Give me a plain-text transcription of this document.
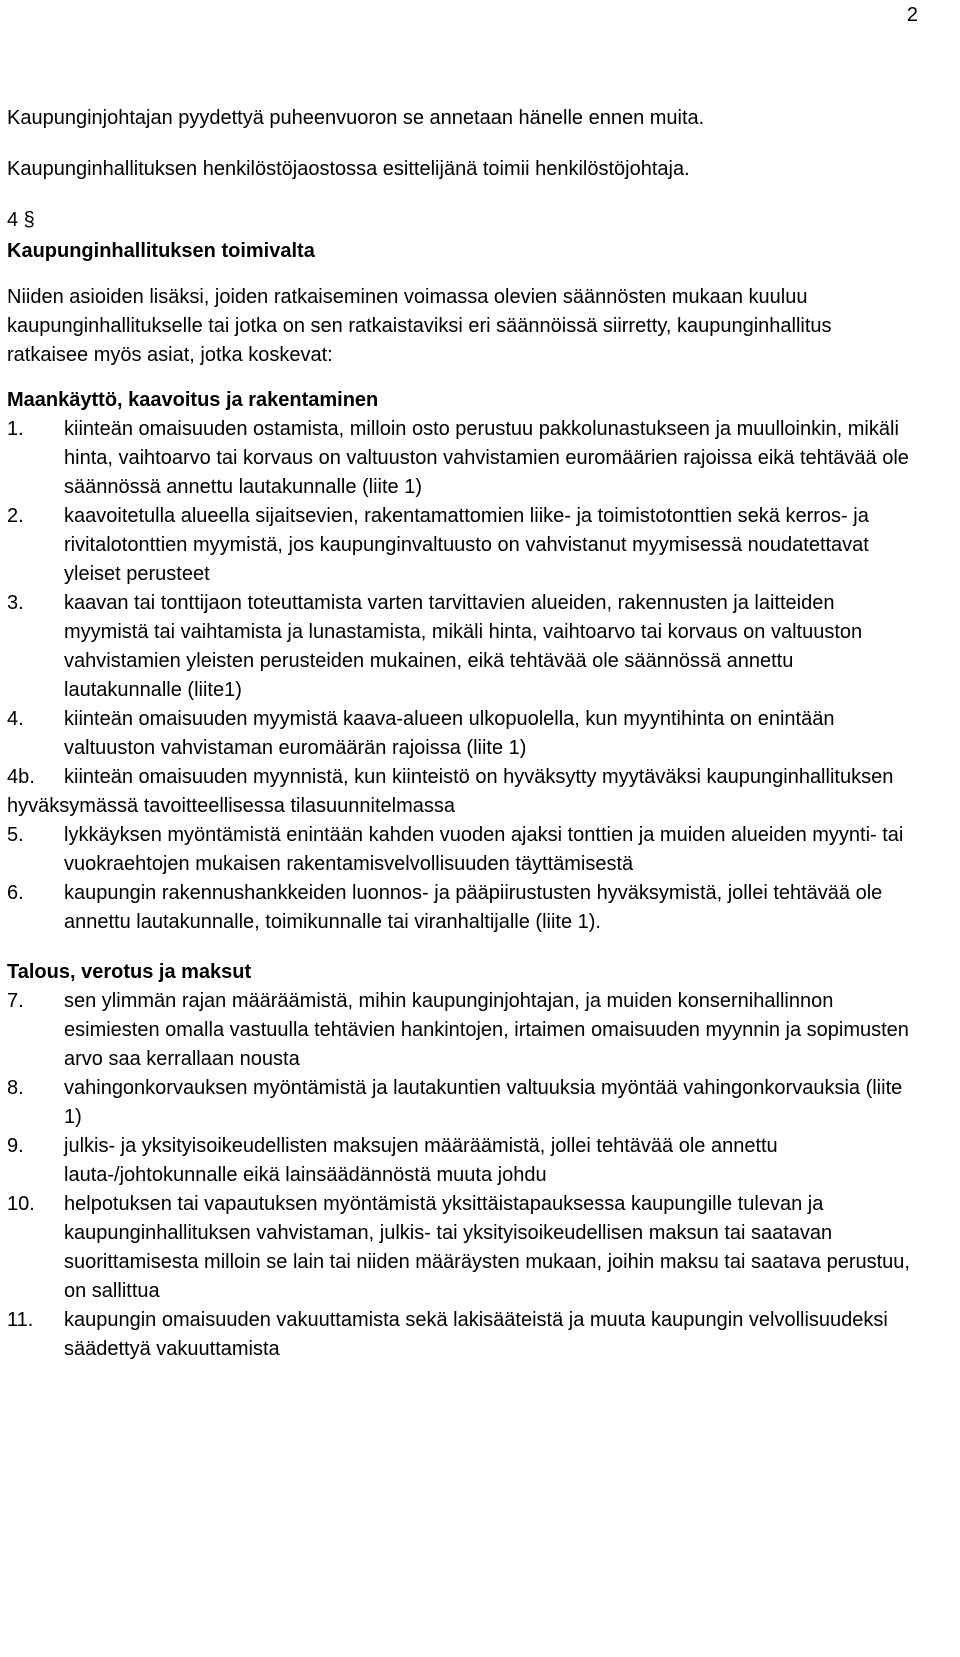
2

Kaupunginjohtajan pyydettyä puheenvuoron se annetaan hänelle ennen muita.

Kaupunginhallituksen henkilöstöjaostossa esittelijänä toimii henkilöstöjohtaja.

4 §

Kaupunginhallituksen toimivalta

Niiden asioiden lisäksi, joiden ratkaiseminen voimassa olevien säännösten mukaan kuuluu kaupunginhallitukselle tai jotka on sen ratkaistaviksi eri säännöissä siirretty, kaupunginhallitus ratkaisee myös asiat, jotka koskevat:

Maankäyttö, kaavoitus ja rakentaminen

1.	kiinteän omaisuuden ostamista, milloin osto perustuu pakkolunastukseen ja muulloinkin, mikäli hinta, vaihtoarvo tai korvaus on valtuuston vahvistamien euromäärien rajoissa eikä tehtävää ole säännössä annettu lautakunnalle (liite 1)
2.	kaavoitetulla alueella sijaitsevien, rakentamattomien liike- ja toimistotonttien sekä kerros- ja rivitalotonttien myymistä, jos kaupunginvaltuusto on vahvistanut myymisessä noudatettavat yleiset perusteet
3.	kaavan tai tonttijaon toteuttamista varten tarvittavien alueiden, rakennusten ja laitteiden myymistä tai vaihtamista ja lunastamista, mikäli hinta, vaihtoarvo tai korvaus on valtuuston vahvistamien yleisten perusteiden mukainen, eikä tehtävää ole säännössä annettu lautakunnalle (liite1)
4.	kiinteän omaisuuden myymistä kaava-alueen ulkopuolella, kun myyntihinta on enintään valtuuston vahvistaman euromäärän rajoissa (liite 1)

4b. kiinteän omaisuuden myynnistä, kun kiinteistö on hyväksytty myytäväksi kaupunginhallituksen hyväksymässä tavoitteellisessa tilasuunnitelmassa

5.	lykkäyksen myöntämistä enintään kahden vuoden ajaksi tonttien ja muiden alueiden myynti- tai vuokraehtojen mukaisen rakentamisvelvollisuuden täyttämisestä
6.	kaupungin rakennushankkeiden luonnos- ja pääpiirustusten hyväksymistä, jollei tehtävää ole annettu lautakunnalle, toimikunnalle tai viranhaltijalle (liite 1).

Talous, verotus ja maksut

7.	sen ylimmän rajan määräämistä, mihin kaupunginjohtajan, ja muiden konsernihallinnon esimiesten omalla vastuulla tehtävien hankintojen, irtaimen omaisuuden myynnin ja sopimusten arvo saa kerrallaan nousta
8.	vahingonkorvauksen myöntämistä ja lautakuntien valtuuksia myöntää vahingonkorvauksia (liite 1)
9.	julkis- ja yksityisoikeudellisten maksujen määräämistä, jollei tehtävää ole annettu lauta-/johtokunnalle eikä lainsäädännöstä muuta johdu
10.	helpotuksen tai vapautuksen myöntämistä yksittäistapauksessa kaupungille tulevan ja kaupunginhallituksen vahvistaman, julkis- tai yksityisoikeudellisen maksun tai saatavan suorittamisesta milloin se lain tai niiden määräysten mukaan, joihin maksu tai saatava perustuu, on sallittua
11.	kaupungin omaisuuden vakuuttamista sekä lakisääteistä ja muuta kaupungin velvollisuudeksi säädettyä vakuuttamista
